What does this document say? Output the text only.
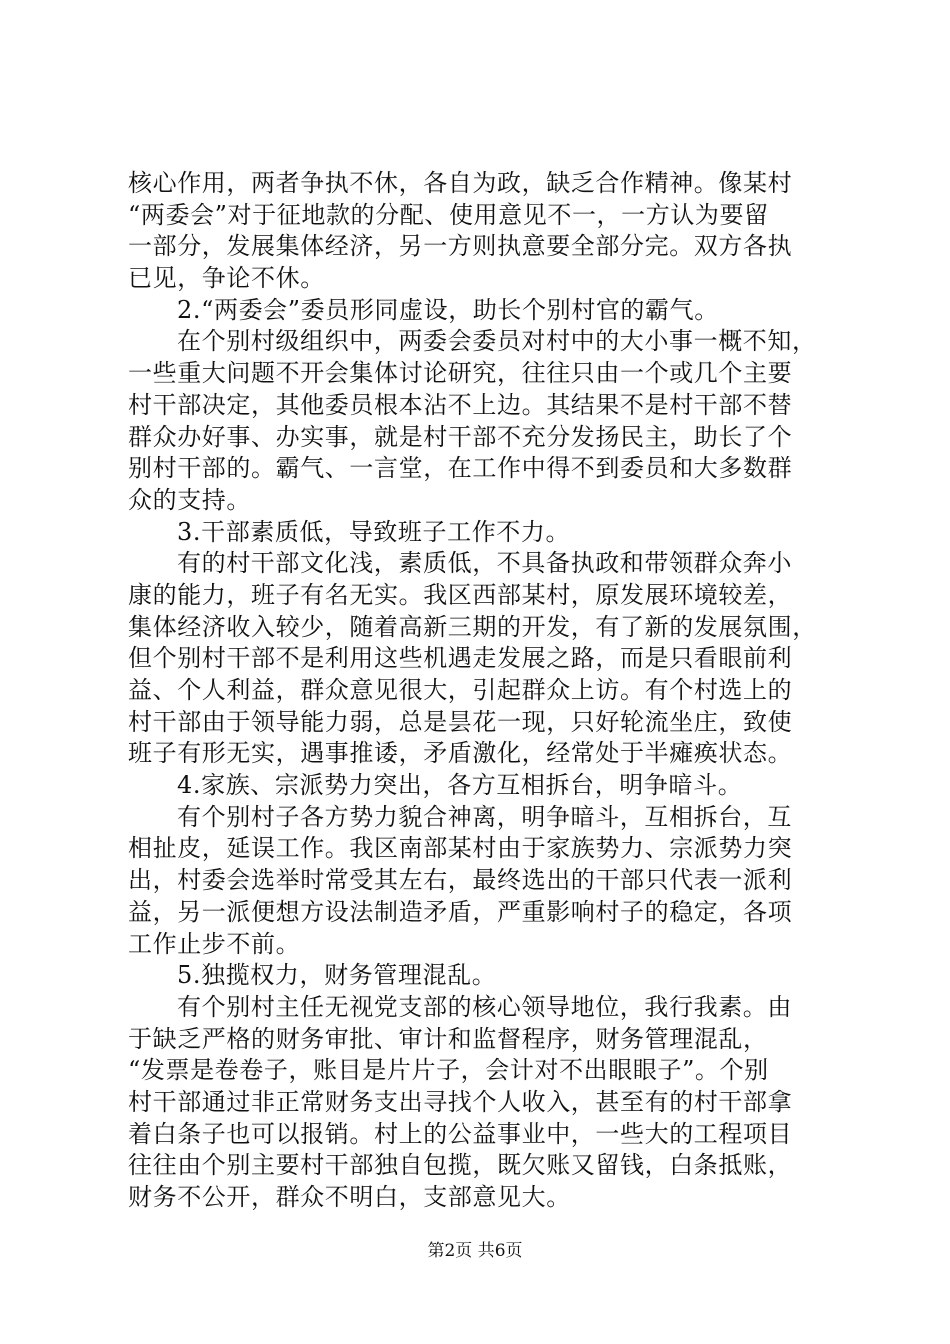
核心作用，两者争执不休，各自为政，缺乏合作精神。像某村
“两委会”对于征地款的分配、使用意见不一，一方认为要留
一部分，发展集体经济，另一方则执意要全部分完。双方各执
已见，争论不休。
2.“两委会”委员形同虚设，助长个别村官的霸气。
在个别村级组织中，两委会委员对村中的大小事一概不知，
一些重大问题不开会集体讨论研究，往往只由一个或几个主要
村干部决定，其他委员根本沾不上边。其结果不是村干部不替
群众办好事、办实事，就是村干部不充分发扬民主，助长了个
别村干部的。霸气、一言堂，在工作中得不到委员和大多数群
众的支持。
3.干部素质低，导致班子工作不力。
有的村干部文化浅，素质低，不具备执政和带领群众奔小
康的能力，班子有名无实。我区西部某村，原发展环境较差，
集体经济收入较少，随着高新三期的开发，有了新的发展氛围，
但个别村干部不是利用这些机遇走发展之路，而是只看眼前利
益、个人利益，群众意见很大，引起群众上访。有个村选上的
村干部由于领导能力弱，总是昙花一现，只好轮流坐庄，致使
班子有形无实，遇事推诿，矛盾激化，经常处于半瘫痪状态。
4.家族、宗派势力突出，各方互相拆台，明争暗斗。
有个别村子各方势力貌合神离，明争暗斗，互相拆台，互
相扯皮，延误工作。我区南部某村由于家族势力、宗派势力突
出，村委会选举时常受其左右，最终选出的干部只代表一派利
益，另一派便想方设法制造矛盾，严重影响村子的稳定，各项
工作止步不前。
5.独揽权力，财务管理混乱。
有个别村主任无视党支部的核心领导地位，我行我素。由
于缺乏严格的财务审批、审计和监督程序，财务管理混乱，
“发票是卷卷子，账目是片片子，会计对不出眼眼子”。个别
村干部通过非正常财务支出寻找个人收入，甚至有的村干部拿
着白条子也可以报销。村上的公益事业中，一些大的工程项目
往往由个别主要村干部独自包揽，既欠账又留钱，白条抵账，
财务不公开，群众不明白，支部意见大。
第2页 共6页
